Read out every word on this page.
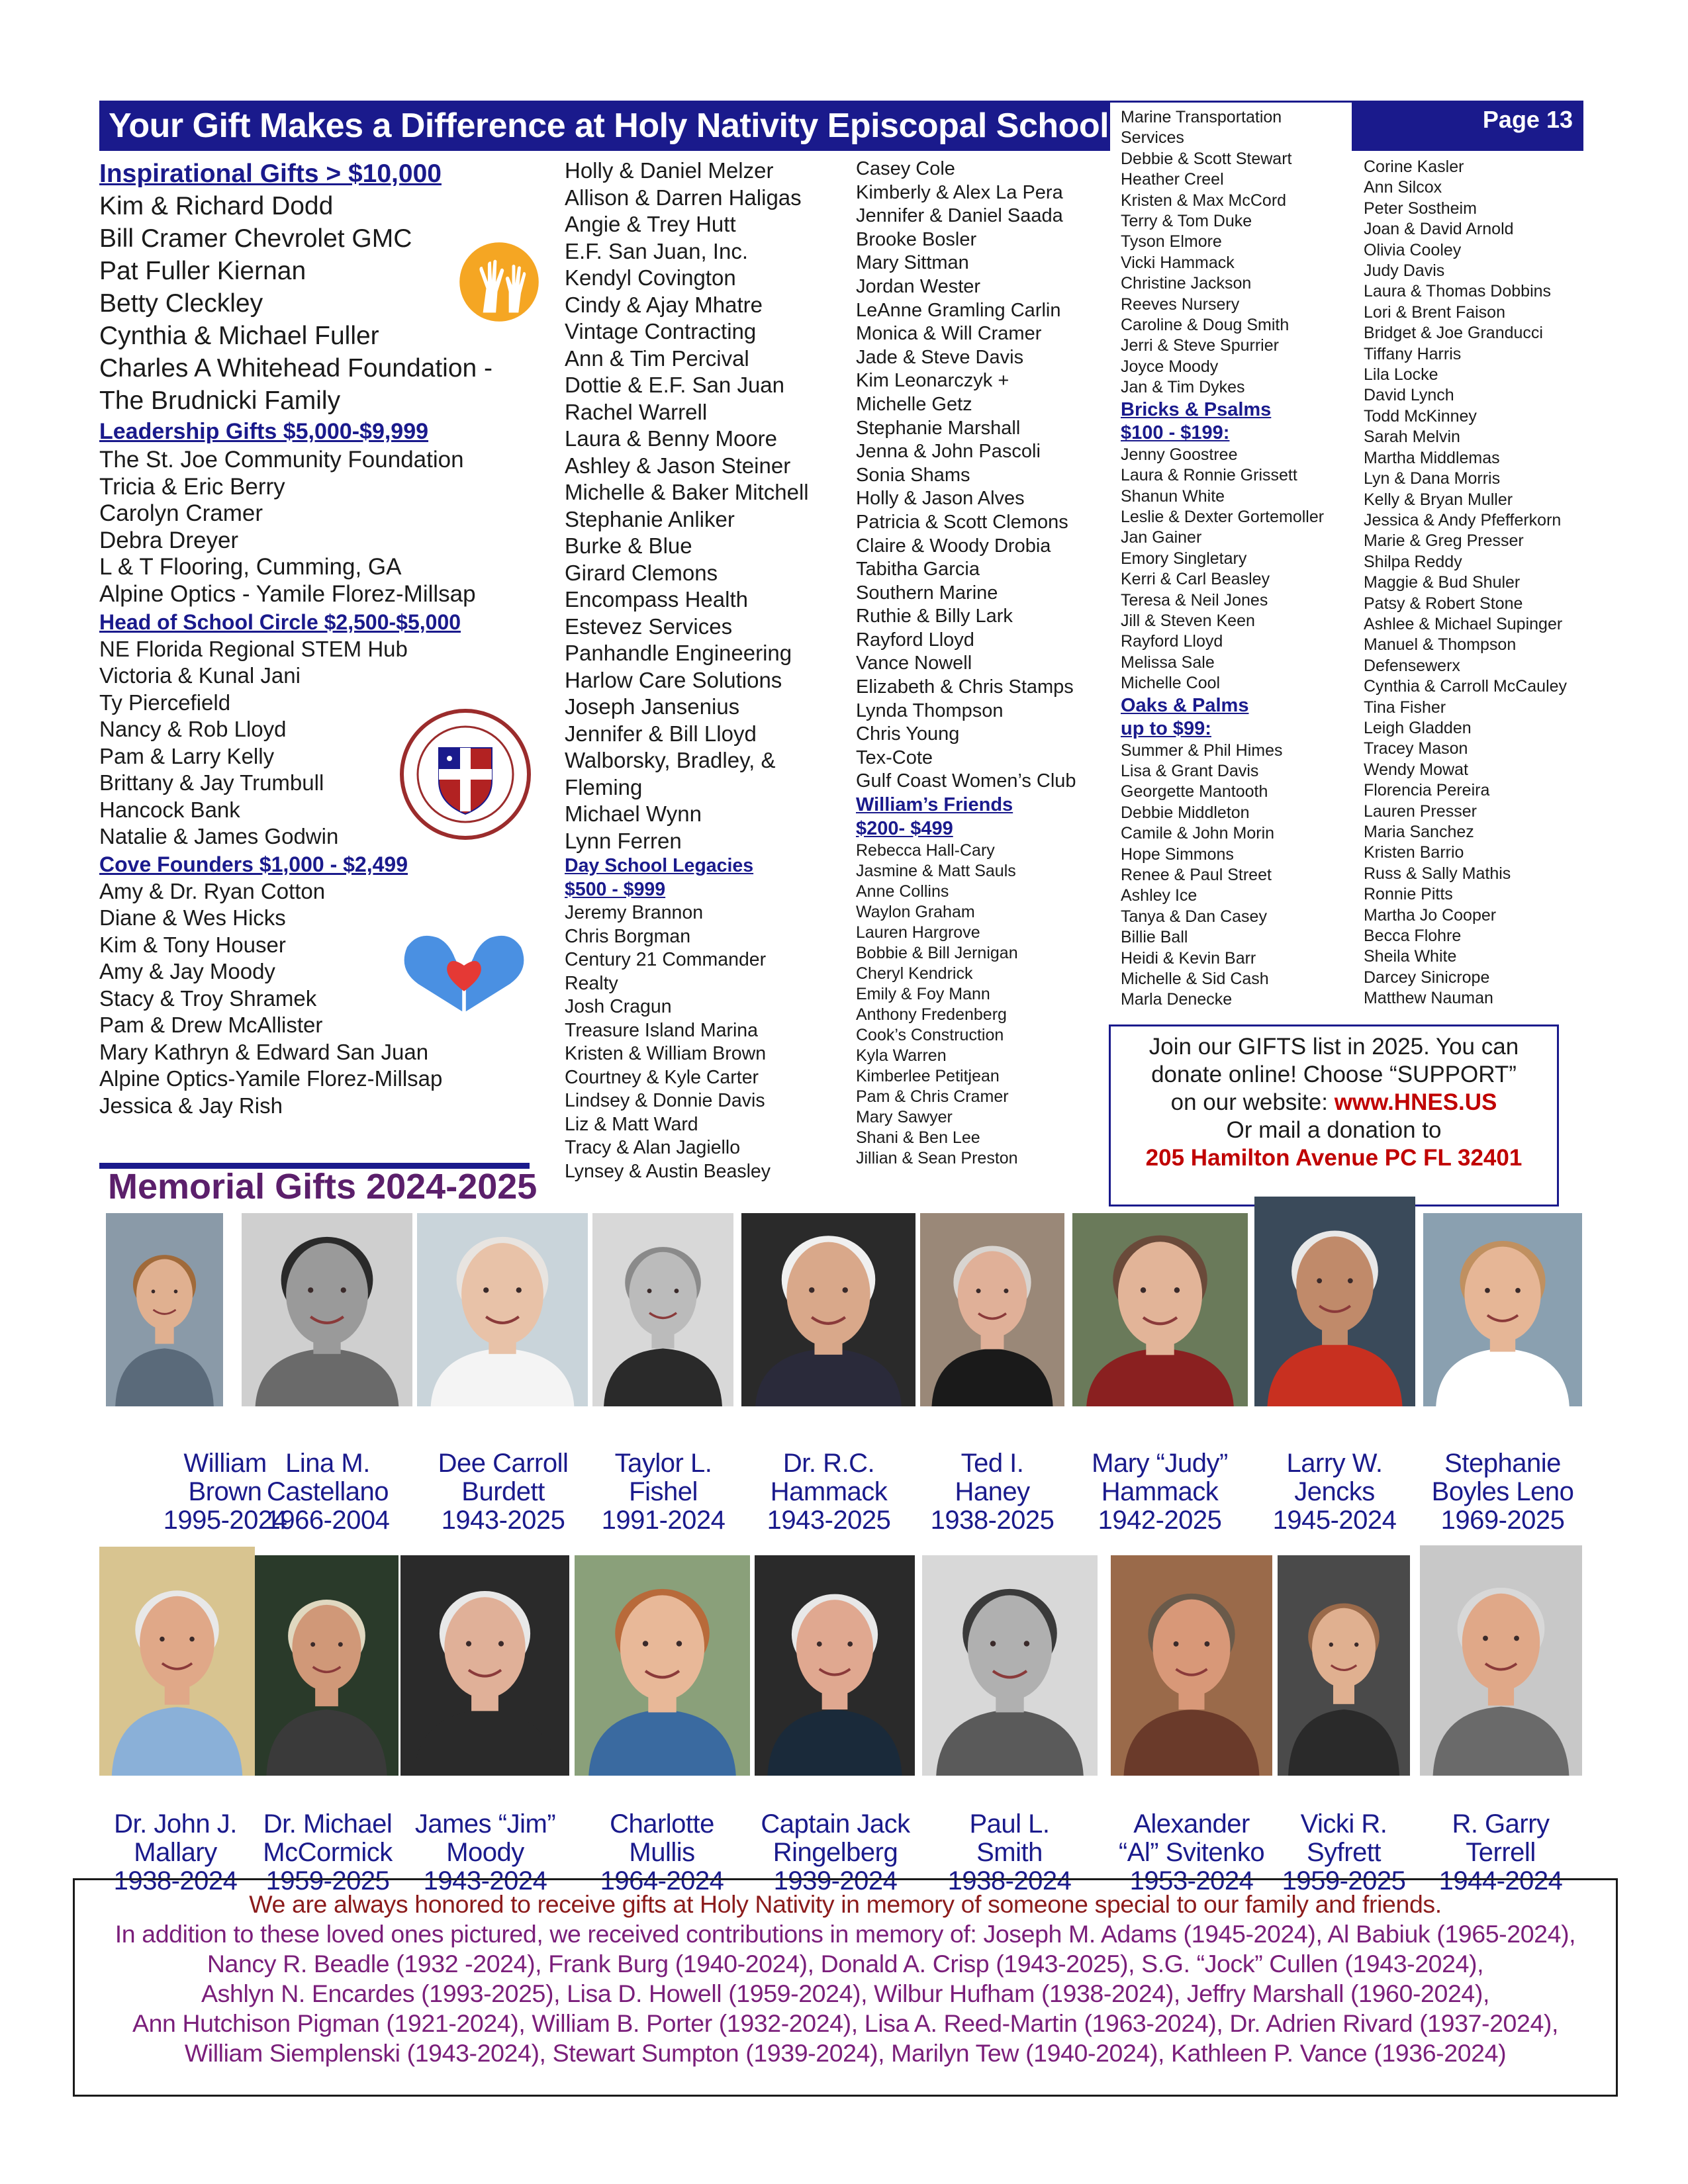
Your Gift Makes a Difference at Holy Nativity Episcopal School	Page 13
Inspirational Gifts > $10,000
Kim & Richard Dodd
Bill Cramer Chevrolet GMC
Pat Fuller Kiernan
Betty Cleckley
Cynthia & Michael Fuller
Charles A Whitehead Foundation -
The Brudnicki Family
Leadership Gifts $5,000-$9,999
The St. Joe Community Foundation
Tricia & Eric Berry
Carolyn Cramer
Debra Dreyer
L & T Flooring, Cumming, GA
Alpine Optics - Yamile Florez-Millsap
Head of School Circle $2,500-$5,000
NE Florida Regional STEM Hub
Victoria & Kunal Jani
Ty Piercefield
Nancy & Rob Lloyd
Pam & Larry Kelly
Brittany & Jay Trumbull
Hancock Bank
Natalie & James Godwin
Cove Founders $1,000 - $2,499
Amy & Dr. Ryan Cotton
Diane & Wes Hicks
Kim & Tony Houser
Amy & Jay Moody
Stacy & Troy Shramek
Pam & Drew McAllister
Mary Kathryn & Edward San Juan
Alpine Optics-Yamile Florez-Millsap
Jessica & Jay Rish
Holly & Daniel Melzer
Allison & Darren Haligas
Angie & Trey Hutt
E.F. San Juan, Inc.
Kendyl Covington
Cindy & Ajay Mhatre
Vintage Contracting
Ann & Tim Percival
Dottie & E.F. San Juan
Rachel Warrell
Laura & Benny Moore
Ashley & Jason Steiner
Michelle & Baker Mitchell
Stephanie Anliker
Burke & Blue
Girard Clemons
Encompass Health
Estevez Services
Panhandle Engineering
Harlow Care Solutions
Joseph Jansenius
Jennifer & Bill Lloyd
Walborsky, Bradley, &
Fleming
Michael Wynn
Lynn Ferren
Day School Legacies
$500 - $999
Jeremy Brannon
Chris Borgman
Century 21 Commander
Realty
Josh Cragun
Treasure Island Marina
Kristen & William Brown
Courtney & Kyle Carter
Lindsey & Donnie Davis
Liz & Matt Ward
Tracy & Alan Jagiello
Lynsey & Austin Beasley
Casey Cole
Kimberly & Alex La Pera
Jennifer & Daniel Saada
Brooke Bosler
Mary Sittman
Jordan Wester
LeAnne Gramling Carlin
Monica & Will Cramer
Jade & Steve Davis
Kim Leonarczyk +
Michelle Getz
Stephanie Marshall
Jenna & John Pascoli
Sonia Shams
Holly & Jason Alves
Patricia & Scott Clemons
Claire & Woody Drobia
Tabitha Garcia
Southern Marine
Ruthie & Billy Lark
Rayford Lloyd
Vance Nowell
Elizabeth & Chris Stamps
Lynda Thompson
Chris Young
Tex-Cote
Gulf Coast Women’s Club
William’s Friends
$200- $499
Rebecca Hall-Cary
Jasmine & Matt Sauls
Anne Collins
Waylon Graham
Lauren Hargrove
Bobbie & Bill Jernigan
Cheryl Kendrick
Emily & Foy Mann
Anthony Fredenberg
Cook’s Construction
Kyla Warren
Kimberlee Petitjean
Pam & Chris Cramer
Mary Sawyer
Shani & Ben Lee
Jillian & Sean Preston
Marine Transportation
Services
Debbie & Scott Stewart
Heather Creel
Kristen & Max McCord
Terry & Tom Duke
Tyson Elmore
Vicki Hammack
Christine Jackson
Reeves Nursery
Caroline & Doug Smith
Jerri & Steve Spurrier
Joyce Moody
Jan & Tim Dykes
Bricks & Psalms
$100 - $199:
Jenny Goostree
Laura & Ronnie Grissett
Shanun White
Leslie & Dexter Gortemoller
Jan Gainer
Emory Singletary
Kerri & Carl Beasley
Teresa & Neil Jones
Jill & Steven Keen
Rayford Lloyd
Melissa Sale
Michelle Cool
Oaks & Palms
up to $99:
Summer & Phil Himes
Lisa & Grant Davis
Georgette Mantooth
Debbie Middleton
Camile & John Morin
Hope Simmons
Renee & Paul Street
Ashley Ice
Tanya & Dan Casey
Billie Ball
Heidi & Kevin Barr
Michelle & Sid Cash
Marla Denecke
Corine Kasler
Ann Silcox
Peter Sostheim
Joan & David Arnold
Olivia Cooley
Judy Davis
Laura & Thomas Dobbins
Lori & Brent Faison
Bridget & Joe Granducci
Tiffany Harris
Lila Locke
David Lynch
Todd McKinney
Sarah Melvin
Martha Middlemas
Lyn & Dana Morris
Kelly & Bryan Muller
Jessica & Andy Pfefferkorn
Marie & Greg Presser
Shilpa Reddy
Maggie & Bud Shuler
Patsy & Robert Stone
Ashlee & Michael Supinger
Manuel & Thompson
Defensewerx
Cynthia & Carroll McCauley
Tina Fisher
Leigh Gladden
Tracey Mason
Wendy Mowat
Florencia Pereira
Lauren Presser
Maria Sanchez
Kristen Barrio
Russ & Sally Mathis
Ronnie Pitts
Martha Jo Cooper
Becca Flohre
Sheila White
Darcey Sinicrope
Matthew Nauman
Join our GIFTS list in 2025. You can
donate online! Choose “SUPPORT”
on our website: www.HNES.US
Or mail a donation to
205 Hamilton Avenue PC FL 32401
Memorial Gifts 2024-2025
William
Brown
1995-2024
Lina M.
Castellano
1966-2004
Dee Carroll
Burdett
1943-2025
Taylor L.
Fishel
1991-2024
Dr. R.C.
Hammack
1943-2025
Ted I.
Haney
1938-2025
Mary “Judy”
Hammack
1942-2025
Larry W.
Jencks
1945-2024
Stephanie
Boyles Leno
1969-2025
Dr. John J.
Mallary
1938-2024
Dr. Michael
McCormick
1959-2025
James “Jim”
Moody
1943-2024
Charlotte
Mullis
1964-2024
Captain Jack
Ringelberg
1939-2024
Paul L.
Smith
1938-2024
Alexander
“Al” Svitenko
1953-2024
Vicki R.
Syfrett
1959-2025
R. Garry
Terrell
1944-2024
We are always honored to receive gifts at Holy Nativity in memory of someone special to our family and friends.
In addition to these loved ones pictured, we received contributions in memory of: Joseph M. Adams (1945-2024), Al Babiuk (1965-2024),
Nancy R. Beadle (1932 -2024), Frank Burg (1940-2024), Donald A. Crisp (1943-2025), S.G. “Jock” Cullen (1943-2024),
Ashlyn N. Encardes (1993-2025), Lisa D. Howell (1959-2024), Wilbur Hufham (1938-2024), Jeffry Marshall (1960-2024),
Ann Hutchison Pigman (1921-2024), William B. Porter (1932-2024), Lisa A. Reed-Martin (1963-2024), Dr. Adrien Rivard (1937-2024),
William Siemplenski (1943-2024), Stewart Sumpton (1939-2024), Marilyn Tew (1940-2024), Kathleen P. Vance (1936-2024)
